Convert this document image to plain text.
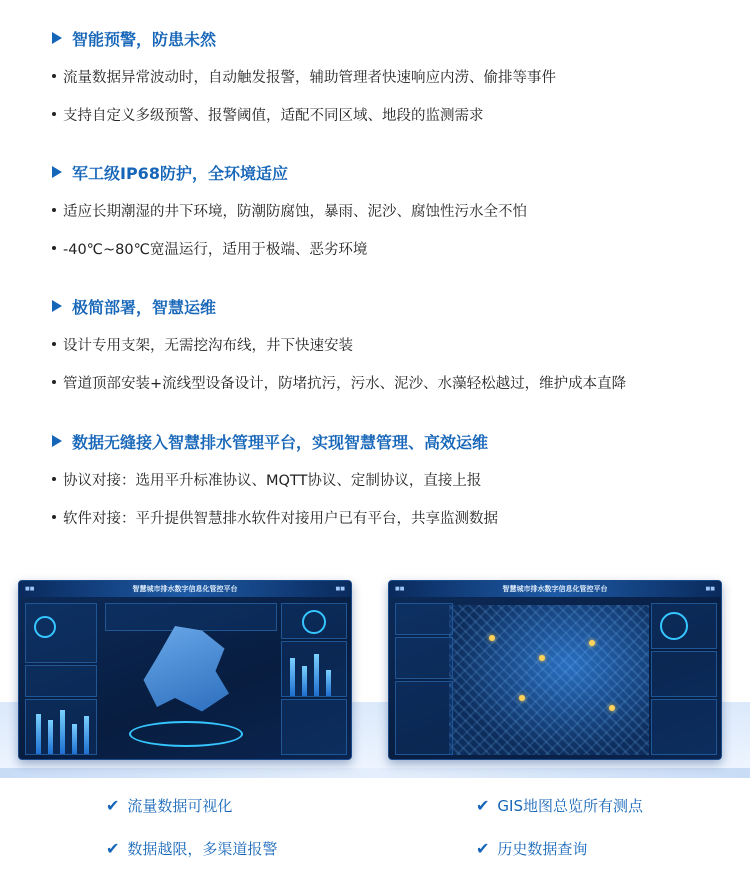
智能预警，防患未然
流量数据异常波动时，自动触发报警，辅助管理者快速响应内涝、偷排等事件
支持自定义多级预警、报警阈值，适配不同区域、地段的监测需求
军工级IP68防护，全环境适应
适应长期潮湿的井下环境，防潮防腐蚀，暴雨、泥沙、腐蚀性污水全不怕
-40℃~80℃宽温运行，适用于极端、恶劣环境
极简部署，智慧运维
设计专用支架，无需挖沟布线，井下快速安装
管道顶部安装+流线型设备设计，防堵抗污，污水、泥沙、水藻轻松越过，维护成本直降
数据无缝接入智慧排水管理平台，实现智慧管理、高效运维
协议对接：选用平升标准协议、MQTT协议、定制协议，直接上报
软件对接：平升提供智慧排水软件对接用户已有平台，共享监测数据
■■	智慧城市排水数字信息化管控平台	■■	■■	智慧城市排水数字信息化管控平台	■■
✔ 流量数据可视化	✔ GIS地图总览所有测点
✔ 数据越限，多渠道报警	✔ 历史数据查询
